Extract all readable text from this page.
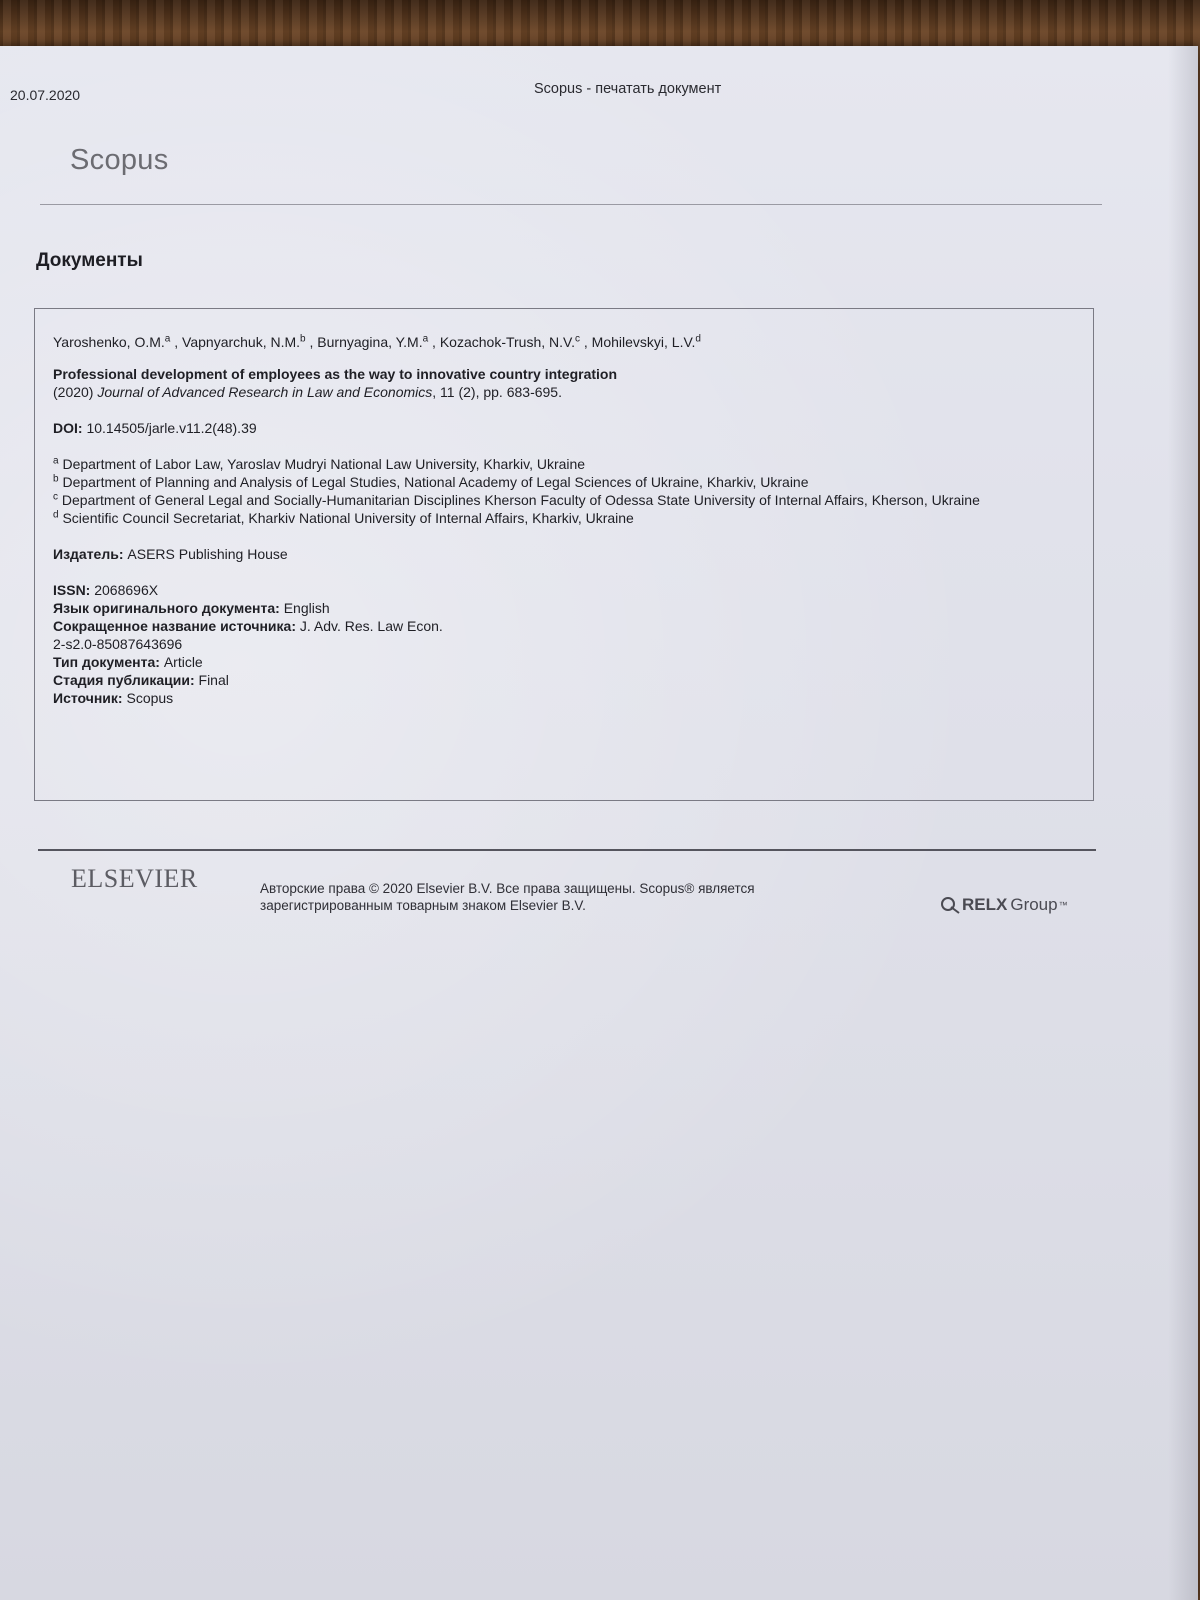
20.07.2020	Scopus - печатать документ
Scopus
Документы

Yaroshenko, O.M.$^a$ , Vapnyarchuk, N.M.$^b$ , Burnyagina, Y.M.$^a$ , Kozachok-Trush, N.V.$^c$ , Mohilevskyi, L.V.$^d$

Professional development of employees as the way to innovative country integration

(2020) Journal of Advanced Research in Law and Economics, 11 (2), pp. 683-695.

DOI: 10.14505/jarle.v11.2(48).39

$^a$ Department of Labor Law, Yaroslav Mudryi National Law University, Kharkiv, Ukraine
$^b$ Department of Planning and Analysis of Legal Studies, National Academy of Legal Sciences of Ukraine, Kharkiv, Ukraine
$^c$ Department of General Legal and Socially-Humanitarian Disciplines Kherson Faculty of Odessa State University of Internal Affairs, Kherson, Ukraine
$^d$ Scientific Council Secretariat, Kharkiv National University of Internal Affairs, Kharkiv, Ukraine

Издатель: ASERS Publishing House

ISSN: 2068696X
Язык оригинального документа: English
Сокращенное название источника: J. Adv. Res. Law Econ.
2-s2.0-85087643696
Тип документа: Article
Стадия публикации: Final
Источник: Scopus
ELSEVIER	Авторские права © 2020 Elsevier B.V. Все права защищены. Scopus® является
зарегистрированным товарным знаком Elsevier B.V.	RELX Group ™
